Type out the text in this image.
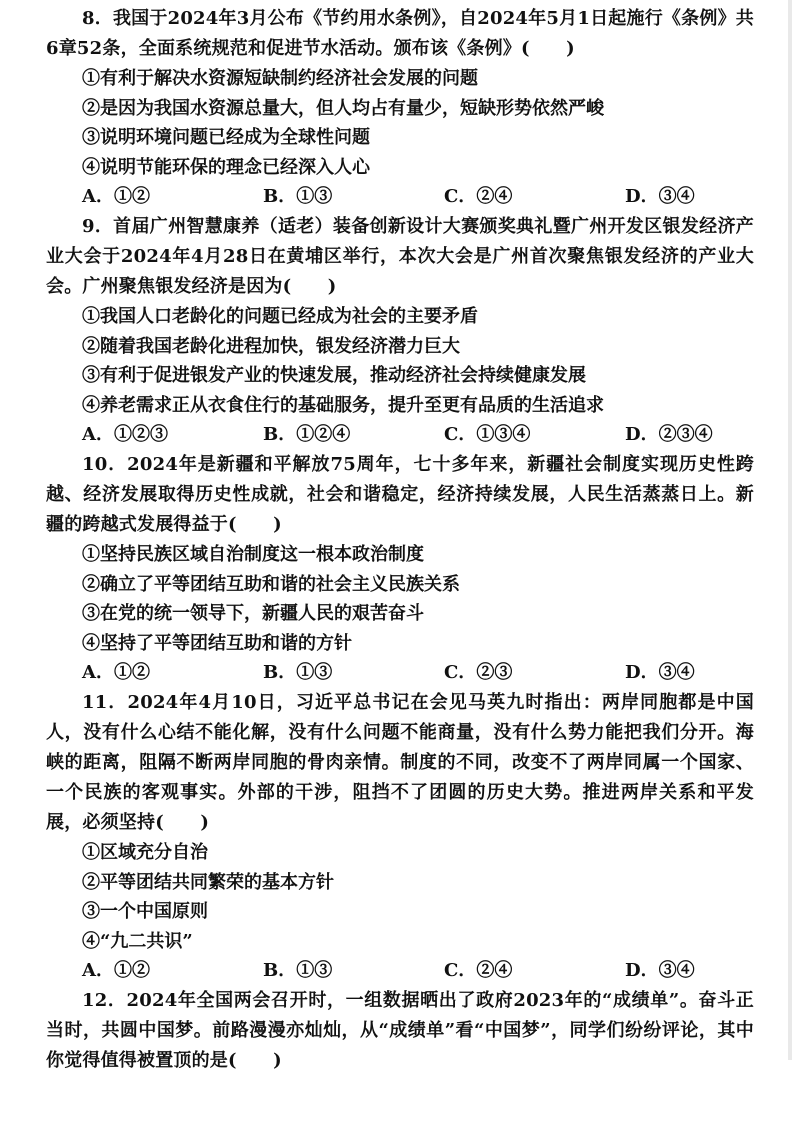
8．我国于2024年3月公布《节约用水条例》，自2024年5月1日起施行《条例》共6章52条，全面系统规范和促进节水活动。颁布该《条例》(　　)

①有利于解决水资源短缺制约经济社会发展的问题

②是因为我国水资源总量大，但人均占有量少，短缺形势依然严峻

③说明环境问题已经成为全球性问题

④说明节能环保的理念已经深入人心

A．①②	B．①③	C．②④	D．③④

9．首届广州智慧康养（适老）装备创新设计大赛颁奖典礼暨广州开发区银发经济产业大会于2024年4月28日在黄埔区举行，本次大会是广州首次聚焦银发经济的产业大会。广州聚焦银发经济是因为(　　)

①我国人口老龄化的问题已经成为社会的主要矛盾

②随着我国老龄化进程加快，银发经济潜力巨大

③有利于促进银发产业的快速发展，推动经济社会持续健康发展

④养老需求正从衣食住行的基础服务，提升至更有品质的生活追求

A．①②③	B．①②④	C．①③④	D．②③④

10．2024年是新疆和平解放75周年，七十多年来，新疆社会制度实现历史性跨越、经济发展取得历史性成就，社会和谐稳定，经济持续发展，人民生活蒸蒸日上。新疆的跨越式发展得益于(　　)

①坚持民族区域自治制度这一根本政治制度

②确立了平等团结互助和谐的社会主义民族关系

③在党的统一领导下，新疆人民的艰苦奋斗

④坚持了平等团结互助和谐的方针

A．①②	B．①③	C．②③	D．③④

11．2024年4月10日，习近平总书记在会见马英九时指出：两岸同胞都是中国人，没有什么心结不能化解，没有什么问题不能商量，没有什么势力能把我们分开。海峡的距离，阻隔不断两岸同胞的骨肉亲情。制度的不同，改变不了两岸同属一个国家、一个民族的客观事实。外部的干涉，阻挡不了团圆的历史大势。推进两岸关系和平发展，必须坚持(　　)

①区域充分自治

②平等团结共同繁荣的基本方针

③一个中国原则

④“九二共识”

A．①②	B．①③	C．②④	D．③④

12．2024年全国两会召开时，一组数据晒出了政府2023年的“成绩单”。奋斗正当时，共圆中国梦。前路漫漫亦灿灿，从“成绩单”看“中国梦”，同学们纷纷评论，其中你觉得值得被置顶的是(　　)
